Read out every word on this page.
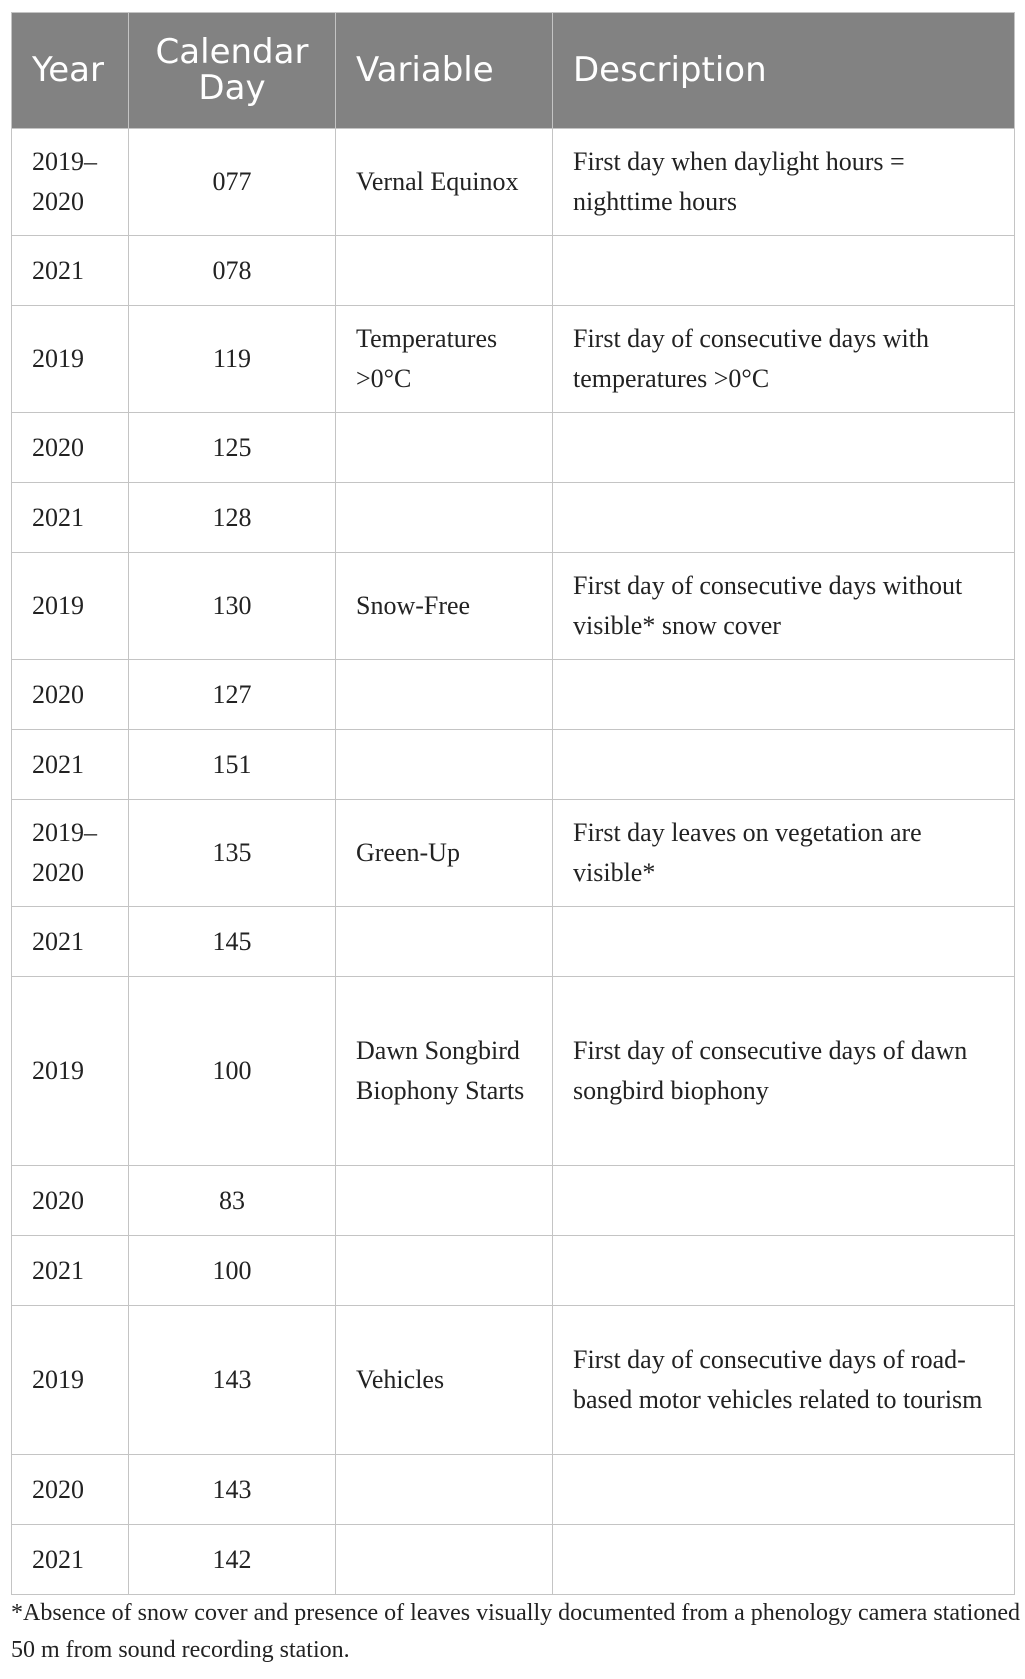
Year	Calendar Day	Variable	Description
2019–2020	077	Vernal Equinox	First day when daylight hours = nighttime hours
2021	078		
2019	119	Temperatures >0°C	First day of consecutive days with temperatures >0°C
2020	125		
2021	128		
2019	130	Snow-Free	First day of consecutive days without visible* snow cover
2020	127		
2021	151		
2019–2020	135	Green-Up	First day leaves on vegetation are visible*
2021	145		
2019	100	Dawn Songbird Biophony Starts	First day of consecutive days of dawn songbird biophony
2020	83		
2021	100		
2019	143	Vehicles	First day of consecutive days of road-based motor vehicles related to tourism
2020	143		
2021	142		
*Absence of snow cover and presence of leaves visually documented from a phenology camera stationed 50 m from sound recording station.
